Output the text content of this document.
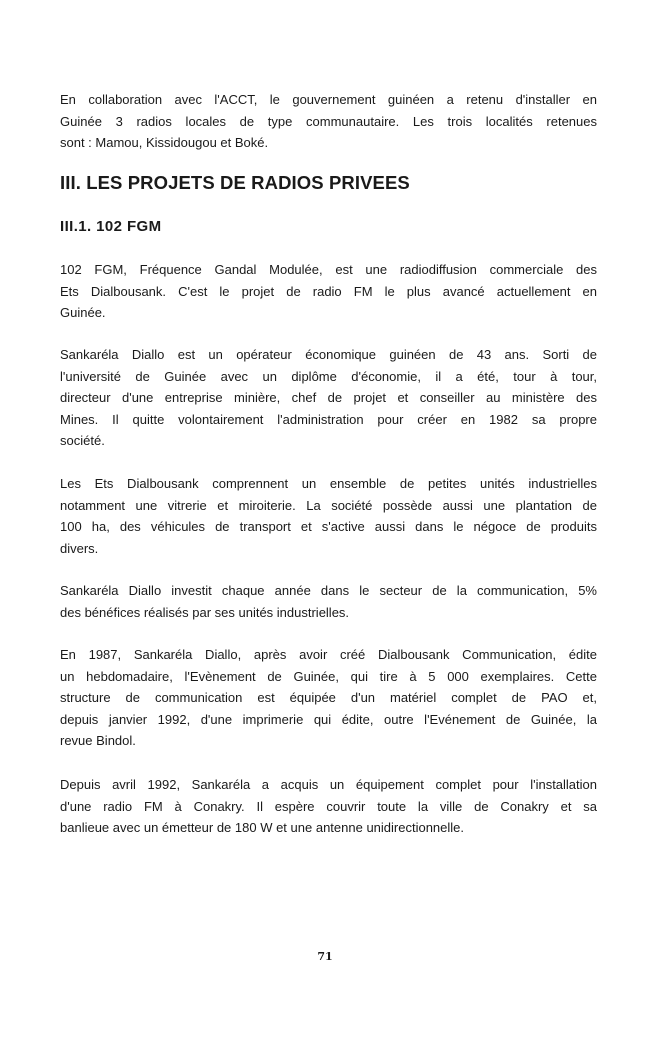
En collaboration avec l'ACCT, le gouvernement guinéen a retenu d'installer en
Guinée 3 radios locales de type communautaire. Les trois localités retenues
sont : Mamou, Kissidougou et Boké.
III. LES PROJETS DE RADIOS PRIVEES
III.1. 102 FGM
102 FGM, Fréquence Gandal Modulée, est une radiodiffusion commerciale des
Ets Dialbousank. C'est le projet de radio FM le plus avancé actuellement en
Guinée.
Sankaréla Diallo est un opérateur économique guinéen de 43 ans. Sorti de
l'université de Guinée avec un diplôme d'économie, il a été, tour à tour,
directeur d'une entreprise minière, chef de projet et conseiller au ministère des
Mines. Il quitte volontairement l'administration pour créer en 1982 sa propre
société.
Les Ets Dialbousank comprennent un ensemble de petites unités industrielles
notamment une vitrerie et miroiterie. La société possède aussi une plantation de
100 ha, des véhicules de transport et s'active aussi dans le négoce de produits
divers.
Sankaréla Diallo investit chaque année dans le secteur de la communication, 5%
des bénéfices réalisés par ses unités industrielles.
En 1987, Sankaréla Diallo, après avoir créé Dialbousank Communication, édite
un hebdomadaire, l'Evènement de Guinée, qui tire à 5 000 exemplaires. Cette
structure de communication est équipée d'un matériel complet de PAO et,
depuis janvier 1992, d'une imprimerie qui édite, outre l'Evénement de Guinée, la
revue Bindol.
Depuis avril 1992, Sankaréla a acquis un équipement complet pour l'installation
d'une radio FM à Conakry. Il espère couvrir toute la ville de Conakry et sa
banlieue avec un émetteur de 180 W et une antenne unidirectionnelle.
71
